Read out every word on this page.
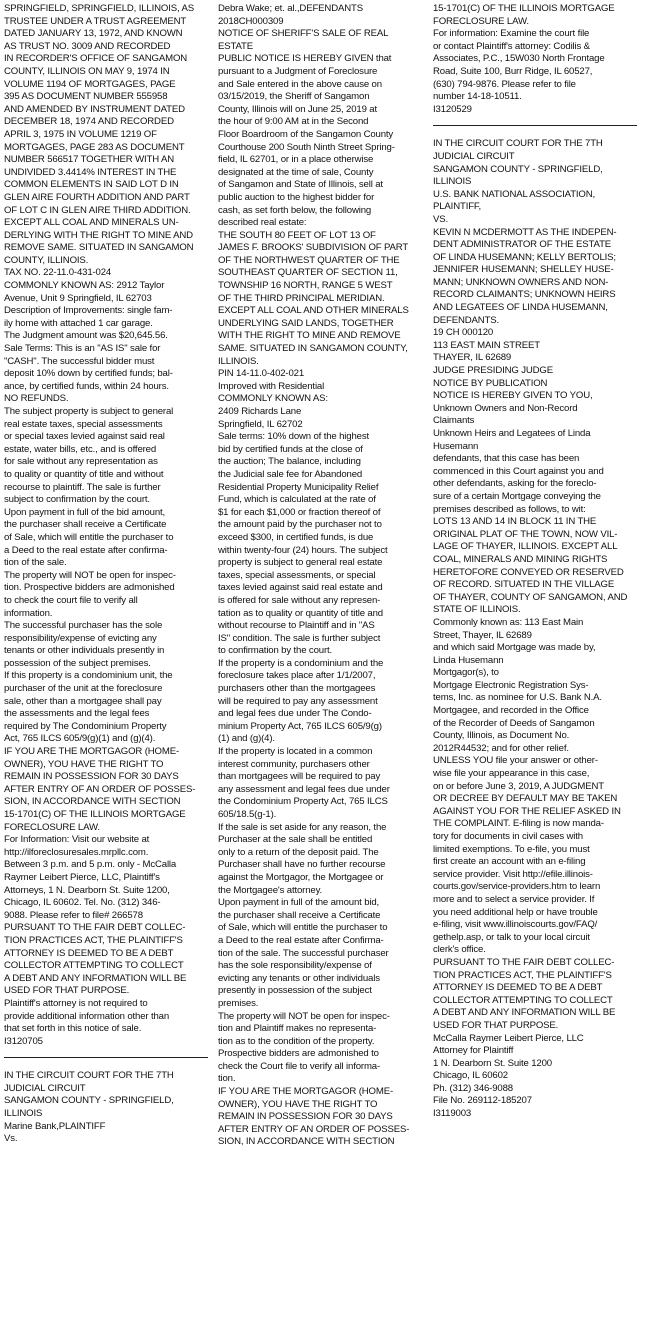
SPRINGFIELD, SPRINGFIELD, ILLINOIS, AS
TRUSTEE UNDER A TRUST AGREEMENT
DATED JANUARY 13, 1972, AND KNOWN
AS TRUST NO. 3009 AND RECORDED
IN RECORDER'S OFFICE OF SANGAMON
COUNTY, ILLINOIS ON MAY 9, 1974 IN
VOLUME 1194 OF MORTGAGES, PAGE
395 AS DOCUMENT NUMBER 555958
AND AMENDED BY INSTRUMENT DATED
DECEMBER 18, 1974 AND RECORDED
APRIL 3, 1975 IN VOLUME 1219 OF
MORTGAGES, PAGE 283 AS DOCUMENT
NUMBER 566517 TOGETHER WITH AN
UNDIVIDED 3.4414% INTEREST IN THE
COMMON ELEMENTS IN SAID LOT D IN
GLEN AIRE FOURTH ADDITION AND PART
OF LOT C IN GLEN AIRE THIRD ADDITION.
EXCEPT ALL COAL AND MINERALS UN-
DERLYING WITH THE RIGHT TO MINE AND
REMOVE SAME. SITUATED IN SANGAMON
COUNTY, ILLINOIS.
TAX NO. 22-11.0-431-024
COMMONLY KNOWN AS: 2912 Taylor
Avenue, Unit 9 Springfield, IL 62703
Description of Improvements: single fam-
ily home with attached 1 car garage.
The Judgment amount was $20,645.56.
Sale Terms: This is an "AS IS" sale for
"CASH". The successful bidder must
deposit 10% down by certified funds; bal-
ance, by certified funds, within 24 hours.
NO REFUNDS.
The subject property is subject to general
real estate taxes, special assessments
or special taxes levied against said real
estate, water bills, etc., and is offered
for sale without any representation as
to quality or quantity of title and without
recourse to plaintiff. The sale is further
subject to confirmation by the court.
Upon payment in full of the bid amount,
the purchaser shall receive a Certificate
of Sale, which will entitle the purchaser to
a Deed to the real estate after confirma-
tion of the sale.
The property will NOT be open for inspec-
tion. Prospective bidders are admonished
to check the court file to verify all
information.
The successful purchaser has the sole
responsibility/expense of evicting any
tenants or other individuals presently in
possession of the subject premises.
If this property is a condominium unit, the
purchaser of the unit at the foreclosure
sale, other than a mortgagee shall pay
the assessments and the legal fees
required by The Condominium Property
Act, 765 ILCS 605/9(g)(1) and (g)(4).
IF YOU ARE THE MORTGAGOR (HOME-
OWNER), YOU HAVE THE RIGHT TO
REMAIN IN POSSESSION FOR 30 DAYS
AFTER ENTRY OF AN ORDER OF POSSES-
SION, IN ACCORDANCE WITH SECTION
15-1701(C) OF THE ILLINOIS MORTGAGE
FORECLOSURE LAW.
For Information: Visit our website at
http://ilforeclosuresales.mrpllc.com.
Between 3 p.m. and 5 p.m. only - McCalla
Raymer Leibert Pierce, LLC, Plaintiff's
Attorneys, 1 N. Dearborn St. Suite 1200,
Chicago, IL 60602. Tel. No. (312) 346-
9088. Please refer to file# 266578
PURSUANT TO THE FAIR DEBT COLLEC-
TION PRACTICES ACT, THE PLAINTIFF'S
ATTORNEY IS DEEMED TO BE A DEBT
COLLECTOR ATTEMPTING TO COLLECT
A DEBT AND ANY INFORMATION WILL BE
USED FOR THAT PURPOSE.
Plaintiff's attorney is not required to
provide additional information other than
that set forth in this notice of sale.
I3120705
IN THE CIRCUIT COURT FOR THE 7TH
JUDICIAL CIRCUIT
SANGAMON COUNTY - SPRINGFIELD,
ILLINOIS
Marine Bank,PLAINTIFF
Vs.
Debra Wake; et. al.,DEFENDANTS
2018CH000309
NOTICE OF SHERIFF'S SALE OF REAL
ESTATE
PUBLIC NOTICE IS HEREBY GIVEN that
pursuant to a Judgment of Foreclosure
and Sale entered in the above cause on
03/15/2019, the Sheriff of Sangamon
County, Illinois will on June 25, 2019 at
the hour of 9:00 AM at in the Second
Floor Boardroom of the Sangamon County
Courthouse 200 South Ninth Street Spring-
field, IL 62701, or in a place otherwise
designated at the time of sale, County
of Sangamon and State of Illinois, sell at
public auction to the highest bidder for
cash, as set forth below, the following
described real estate:
THE SOUTH 80 FEET OF LOT 13 OF
JAMES F. BROOKS' SUBDIVISION OF PART
OF THE NORTHWEST QUARTER OF THE
SOUTHEAST QUARTER OF SECTION 11,
TOWNSHIP 16 NORTH, RANGE 5 WEST
OF THE THIRD PRINCIPAL MERIDIAN.
EXCEPT ALL COAL AND OTHER MINERALS
UNDERLYING SAID LANDS, TOGETHER
WITH THE RIGHT TO MINE AND REMOVE
SAME. SITUATED IN SANGAMON COUNTY,
ILLINOIS.
PIN 14-11.0-402-021
Improved with Residential
COMMONLY KNOWN AS:
2409 Richards Lane
Springfield, IL 62702
Sale terms: 10% down of the highest
bid by certified funds at the close of
the auction; The balance, including
the Judicial sale fee for Abandoned
Residential Property Municipality Relief
Fund, which is calculated at the rate of
$1 for each $1,000 or fraction thereof of
the amount paid by the purchaser not to
exceed $300, in certified funds, is due
within twenty-four (24) hours. The subject
property is subject to general real estate
taxes, special assessments, or special
taxes levied against said real estate and
is offered for sale without any represen-
tation as to quality or quantity of title and
without recourse to Plaintiff and in "AS
IS" condition. The sale is further subject
to confirmation by the court.
If the property is a condominium and the
foreclosure takes place after 1/1/2007,
purchasers other than the mortgagees
will be required to pay any assessment
and legal fees due under The Condo-
minium Property Act, 765 ILCS 605/9(g)
(1) and (g)(4).
If the property is located in a common
interest community, purchasers other
than mortgagees will be required to pay
any assessment and legal fees due under
the Condominium Property Act, 765 ILCS
605/18.5(g-1).
If the sale is set aside for any reason, the
Purchaser at the sale shall be entitled
only to a return of the deposit paid. The
Purchaser shall have no further recourse
against the Mortgagor, the Mortgagee or
the Mortgagee's attorney.
Upon payment in full of the amount bid,
the purchaser shall receive a Certificate
of Sale, which will entitle the purchaser to
a Deed to the real estate after Confirma-
tion of the sale. The successful purchaser
has the sole responsibility/expense of
evicting any tenants or other individuals
presently in possession of the subject
premises.
The property will NOT be open for inspec-
tion and Plaintiff makes no representa-
tion as to the condition of the property.
Prospective bidders are admonished to
check the Court file to verify all informa-
tion.
IF YOU ARE THE MORTGAGOR (HOME-
OWNER), YOU HAVE THE RIGHT TO
REMAIN IN POSSESSION FOR 30 DAYS
AFTER ENTRY OF AN ORDER OF POSSES-
SION, IN ACCORDANCE WITH SECTION
15-1701(C) OF THE ILLINOIS MORTGAGE
FORECLOSURE LAW.
For information: Examine the court file
or contact Plaintiff's attorney: Codilis &
Associates, P.C., 15W030 North Frontage
Road, Suite 100, Burr Ridge, IL 60527,
(630) 794-9876. Please refer to file
number 14-18-10511.
I3120529
IN THE CIRCUIT COURT FOR THE 7TH
JUDICIAL CIRCUIT
SANGAMON COUNTY - SPRINGFIELD,
ILLINOIS
U.S. BANK NATIONAL ASSOCIATION,
PLAINTIFF,
VS.
KEVIN N MCDERMOTT AS THE INDEPEN-
DENT ADMINISTRATOR OF THE ESTATE
OF LINDA HUSEMANN; KELLY BERTOLIS;
JENNIFER HUSEMANN; SHELLEY HUSE-
MANN; UNKNOWN OWNERS AND NON-
RECORD CLAIMANTS; UNKNOWN HEIRS
AND LEGATEES OF LINDA HUSEMANN,
DEFENDANTS.
19 CH 000120
113 EAST MAIN STREET
THAYER, IL 62689
JUDGE PRESIDING JUDGE
NOTICE BY PUBLICATION
NOTICE IS HEREBY GIVEN TO YOU,
Unknown Owners and Non-Record
Claimants
Unknown Heirs and Legatees of Linda
Husemann
defendants, that this case has been
commenced in this Court against you and
other defendants, asking for the foreclo-
sure of a certain Mortgage conveying the
premises described as follows, to wit:
LOTS 13 AND 14 IN BLOCK 11 IN THE
ORIGINAL PLAT OF THE TOWN, NOW VIL-
LAGE OF THAYER, ILLINOIS. EXCEPT ALL
COAL, MINERALS AND MINING RIGHTS
HERETOFORE CONVEYED OR RESERVED
OF RECORD. SITUATED IN THE VILLAGE
OF THAYER, COUNTY OF SANGAMON, AND
STATE OF ILLINOIS.
Commonly known as: 113 East Main
Street, Thayer, IL 62689
and which said Mortgage was made by,
Linda Husemann
Mortgagor(s), to
Mortgage Electronic Registration Sys-
tems, Inc. as nominee for U.S. Bank N.A.
Mortgagee, and recorded in the Office
of the Recorder of Deeds of Sangamon
County, Illinois, as Document No.
2012R44532; and for other relief.
UNLESS YOU file your answer or other-
wise file your appearance in this case,
on or before June 3, 2019, A JUDGMENT
OR DECREE BY DEFAULT MAY BE TAKEN
AGAINST YOU FOR THE RELIEF ASKED IN
THE COMPLAINT. E-filing is now manda-
tory for documents in civil cases with
limited exemptions. To e-file, you must
first create an account with an e-filing
service provider. Visit http://efile.illinois-
courts.gov/service-providers.htm to learn
more and to select a service provider. If
you need additional help or have trouble
e-filing, visit www.illinoiscourts.gov/FAQ/
gethelp.asp, or talk to your local circuit
clerk's office.
PURSUANT TO THE FAIR DEBT COLLEC-
TION PRACTICES ACT, THE PLAINTIFF'S
ATTORNEY IS DEEMED TO BE A DEBT
COLLECTOR ATTEMPTING TO COLLECT
A DEBT AND ANY INFORMATION WILL BE
USED FOR THAT PURPOSE.
McCalla Raymer Leibert Pierce, LLC
Attorney for Plaintiff
1 N. Dearborn St. Suite 1200
Chicago, IL 60602
Ph. (312) 346-9088
File No. 269112-185207
I3119003
